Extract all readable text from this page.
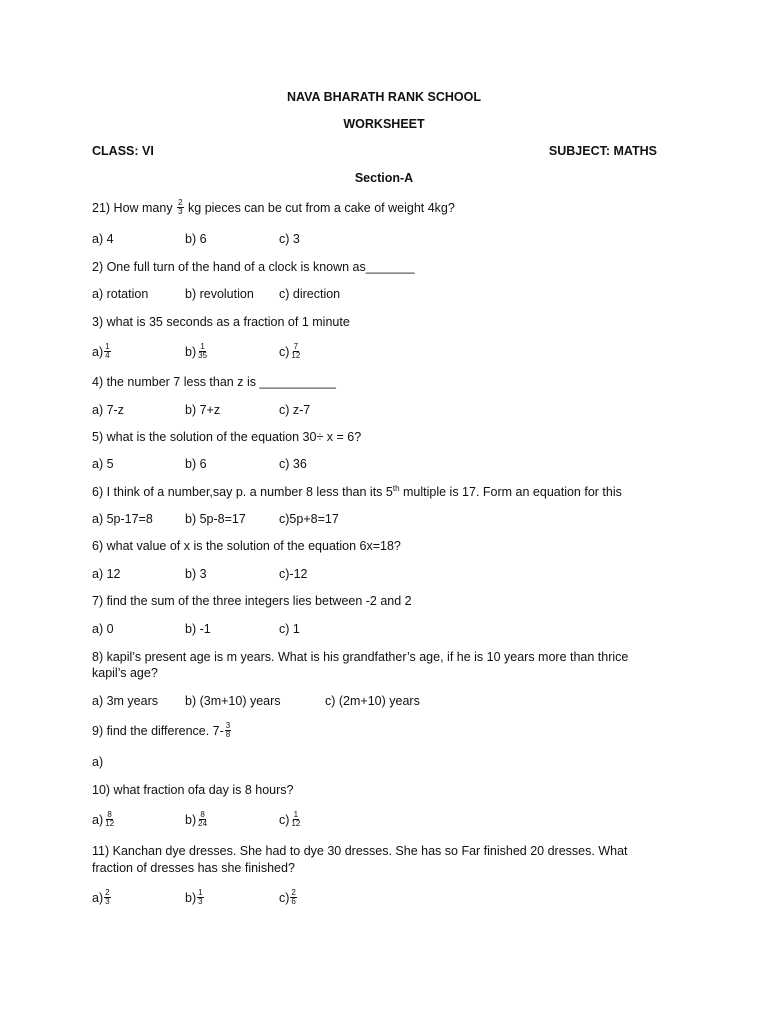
NAVA BHARATH RANK SCHOOL
WORKSHEET
CLASS: VI	SUBJECT: MATHS
Section-A
21) How many $\frac{2}{3}$ kg pieces can be cut from a cake of weight 4kg?
a) 4	b) 6	c) 3
2) One full turn of the hand of a clock is known as_______
a) rotation	b) revolution c) direction
3) what is 35 seconds as a fraction of 1 minute
$a) \frac{1}{4}$	$b) \frac{1}{35}$	$c) \frac{7}{12}$
4) the number 7 less than z is ___________
a) 7-z	b) 7+z	c) z-7
5) what is the solution of the equation 30÷ x = 6?
a) 5	b) 6	c) 36
6) I think of a number,say p. a number 8 less than its 5th multiple is 17. Form an equation for this
a) 5p-17=8	b) 5p-8=17	c)5p+8=17
6) what value of x is the solution of the equation 6x=18?
a) 12	b) 3	c)-12
7) find the sum of the three integers lies between -2 and 2
a) 0	b) -1	c) 1
8) kapil’s present age is m years. What is his grandfather’s age, if he is 10 years more than thrice
kapil’s age?
a) 3m years b) (3m+10) years	c) (2m+10) years
9) find the difference. $7- \frac{3}{8}$
a)
10) what fraction ofa day is 8 hours?
$a) \frac{8}{12}$	$b) \frac{8}{24}$	$c) \frac{1}{12}$
11) Kanchan dye dresses. She had to dye 30 dresses. She has so Far finished 20 dresses. What
fraction of dresses has she finished?
$a) \frac{2}{3}$	$b) \frac{1}{3}$	$c) \frac{2}{6}$
